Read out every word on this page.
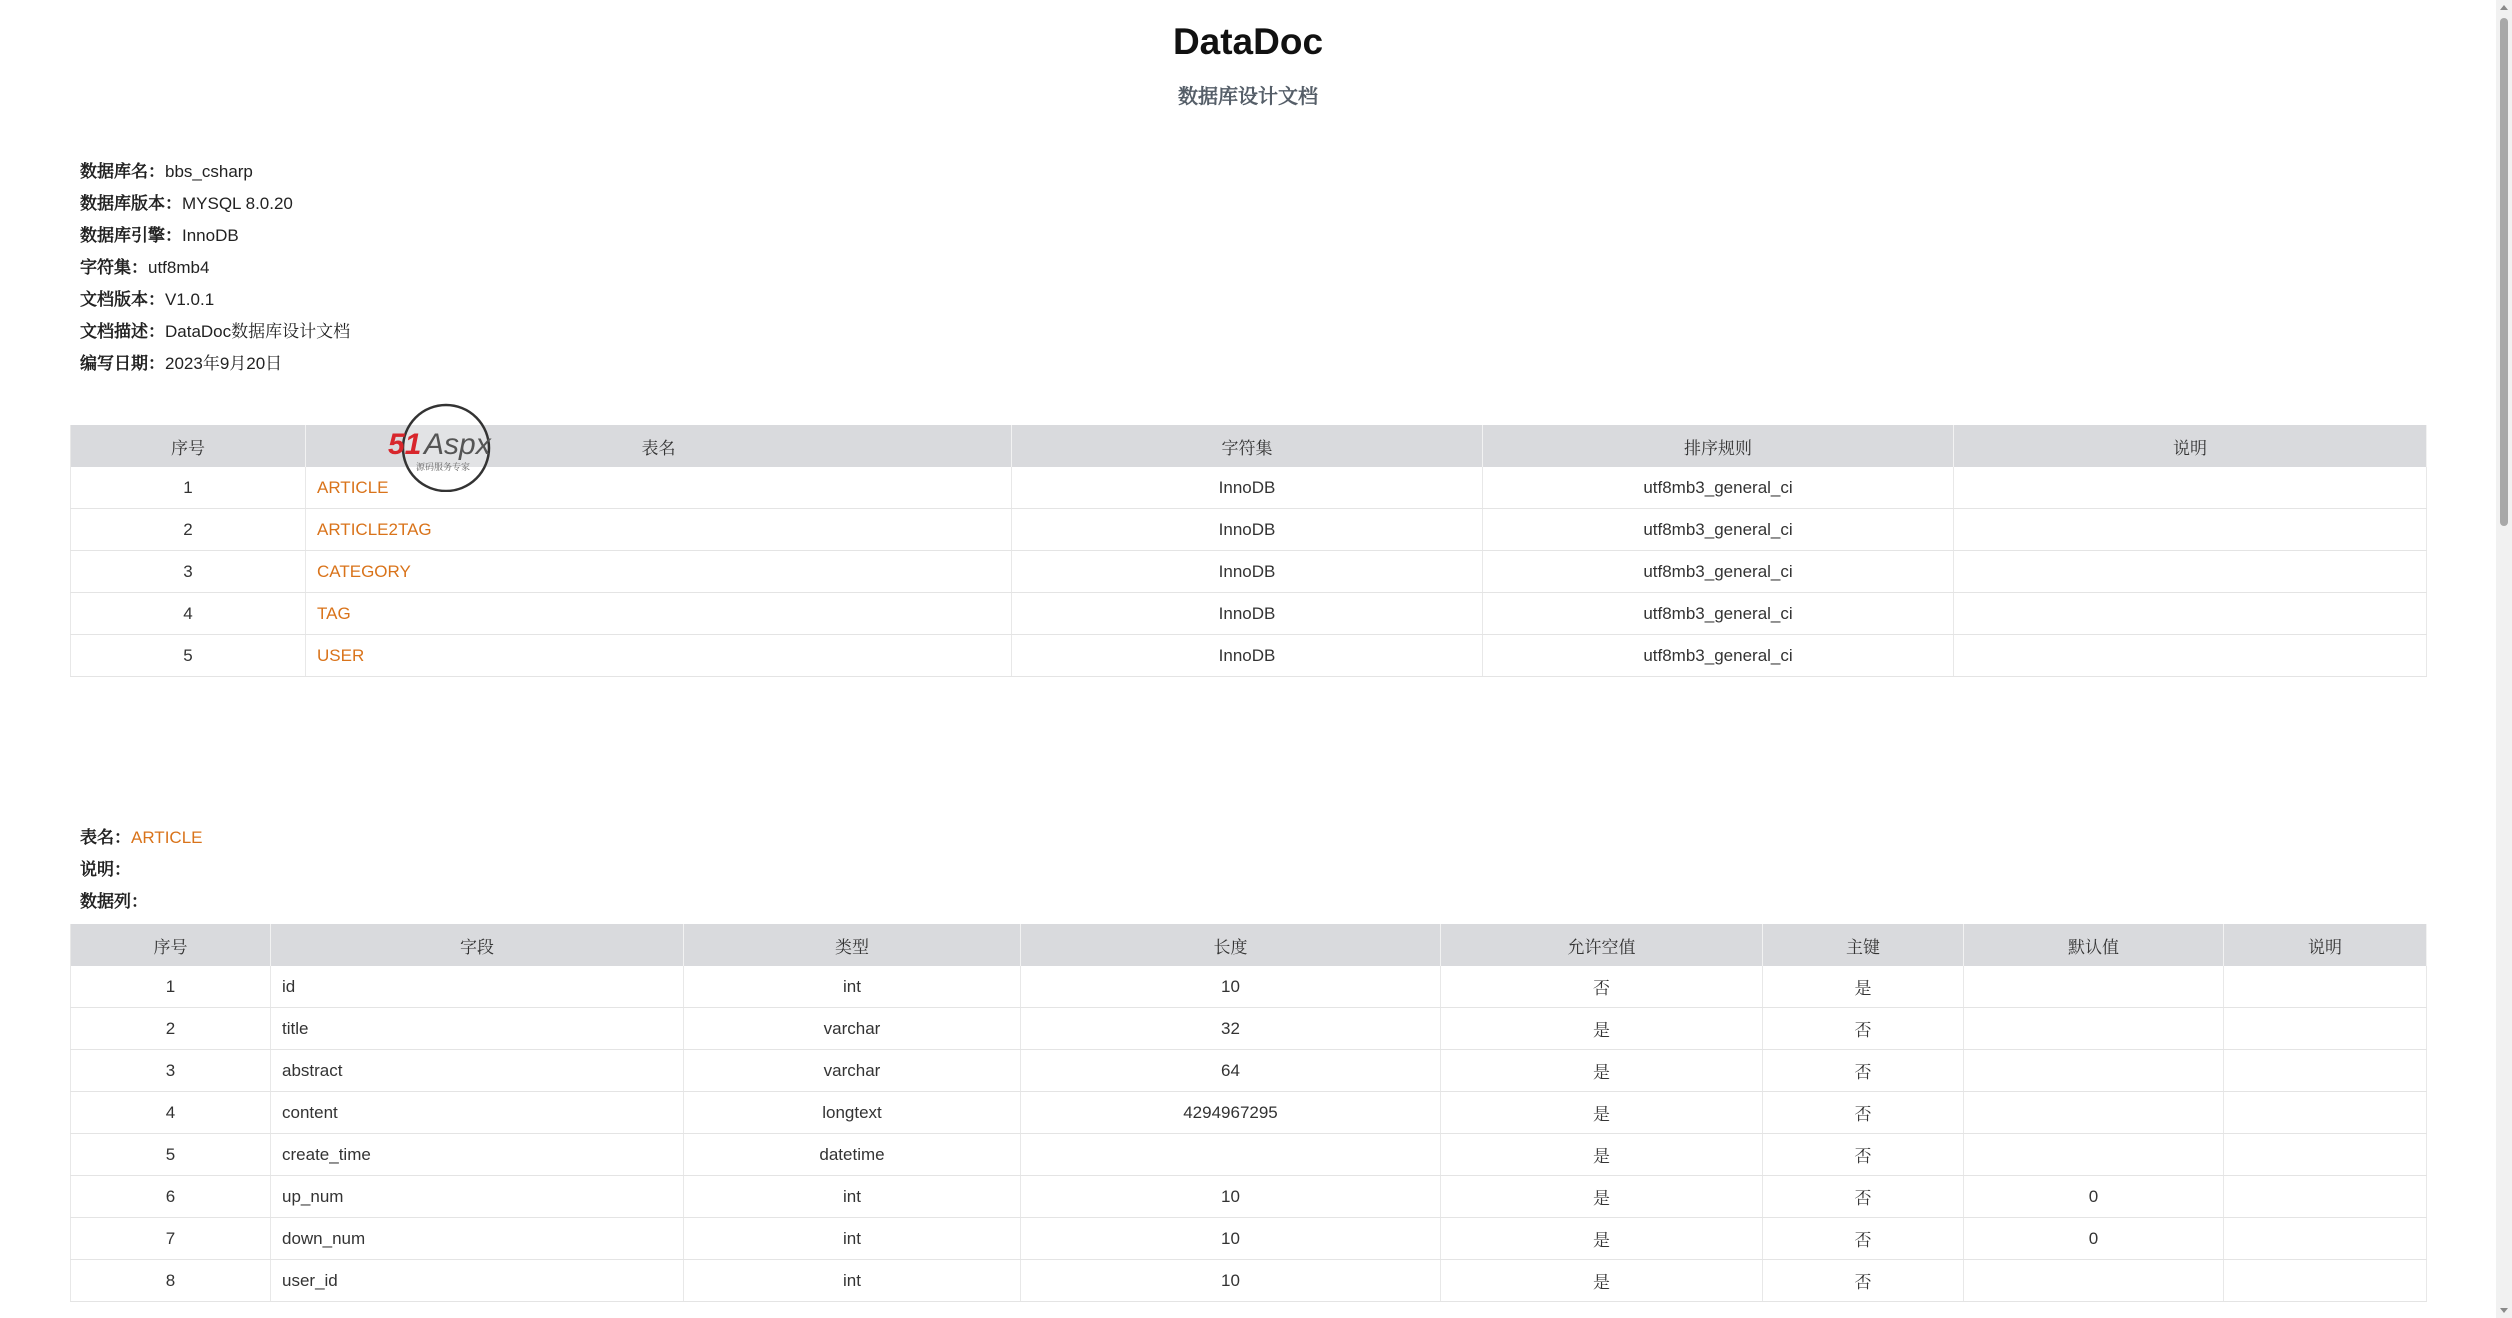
DataDoc
数据库设计文档
数据库名：bbs_csharp
数据库版本：MYSQL 8.0.20
数据库引擎：InnoDB
字符集：utf8mb4
文档版本：V1.0.1
文档描述：DataDoc数据库设计文档
编写日期：2023年9月20日
序号	表名	字符集	排序规则	说明
1	ARTICLE	InnoDB	utf8mb3_general_ci	
2	ARTICLE2TAG	InnoDB	utf8mb3_general_ci	
3	CATEGORY	InnoDB	utf8mb3_general_ci	
4	TAG	InnoDB	utf8mb3_general_ci	
5	USER	InnoDB	utf8mb3_general_ci	
51 Aspx
源码服务专家
表名：ARTICLE
说明：
数据列：
序号	字段	类型	长度	允许空值	主键	默认值	说明
1	id	int	10	否	是		
2	title	varchar	32	是	否		
3	abstract	varchar	64	是	否		
4	content	longtext	4294967295	是	否		
5	create_time	datetime		是	否		
6	up_num	int	10	是	否	0	
7	down_num	int	10	是	否	0	
8	user_id	int	10	是	否		
